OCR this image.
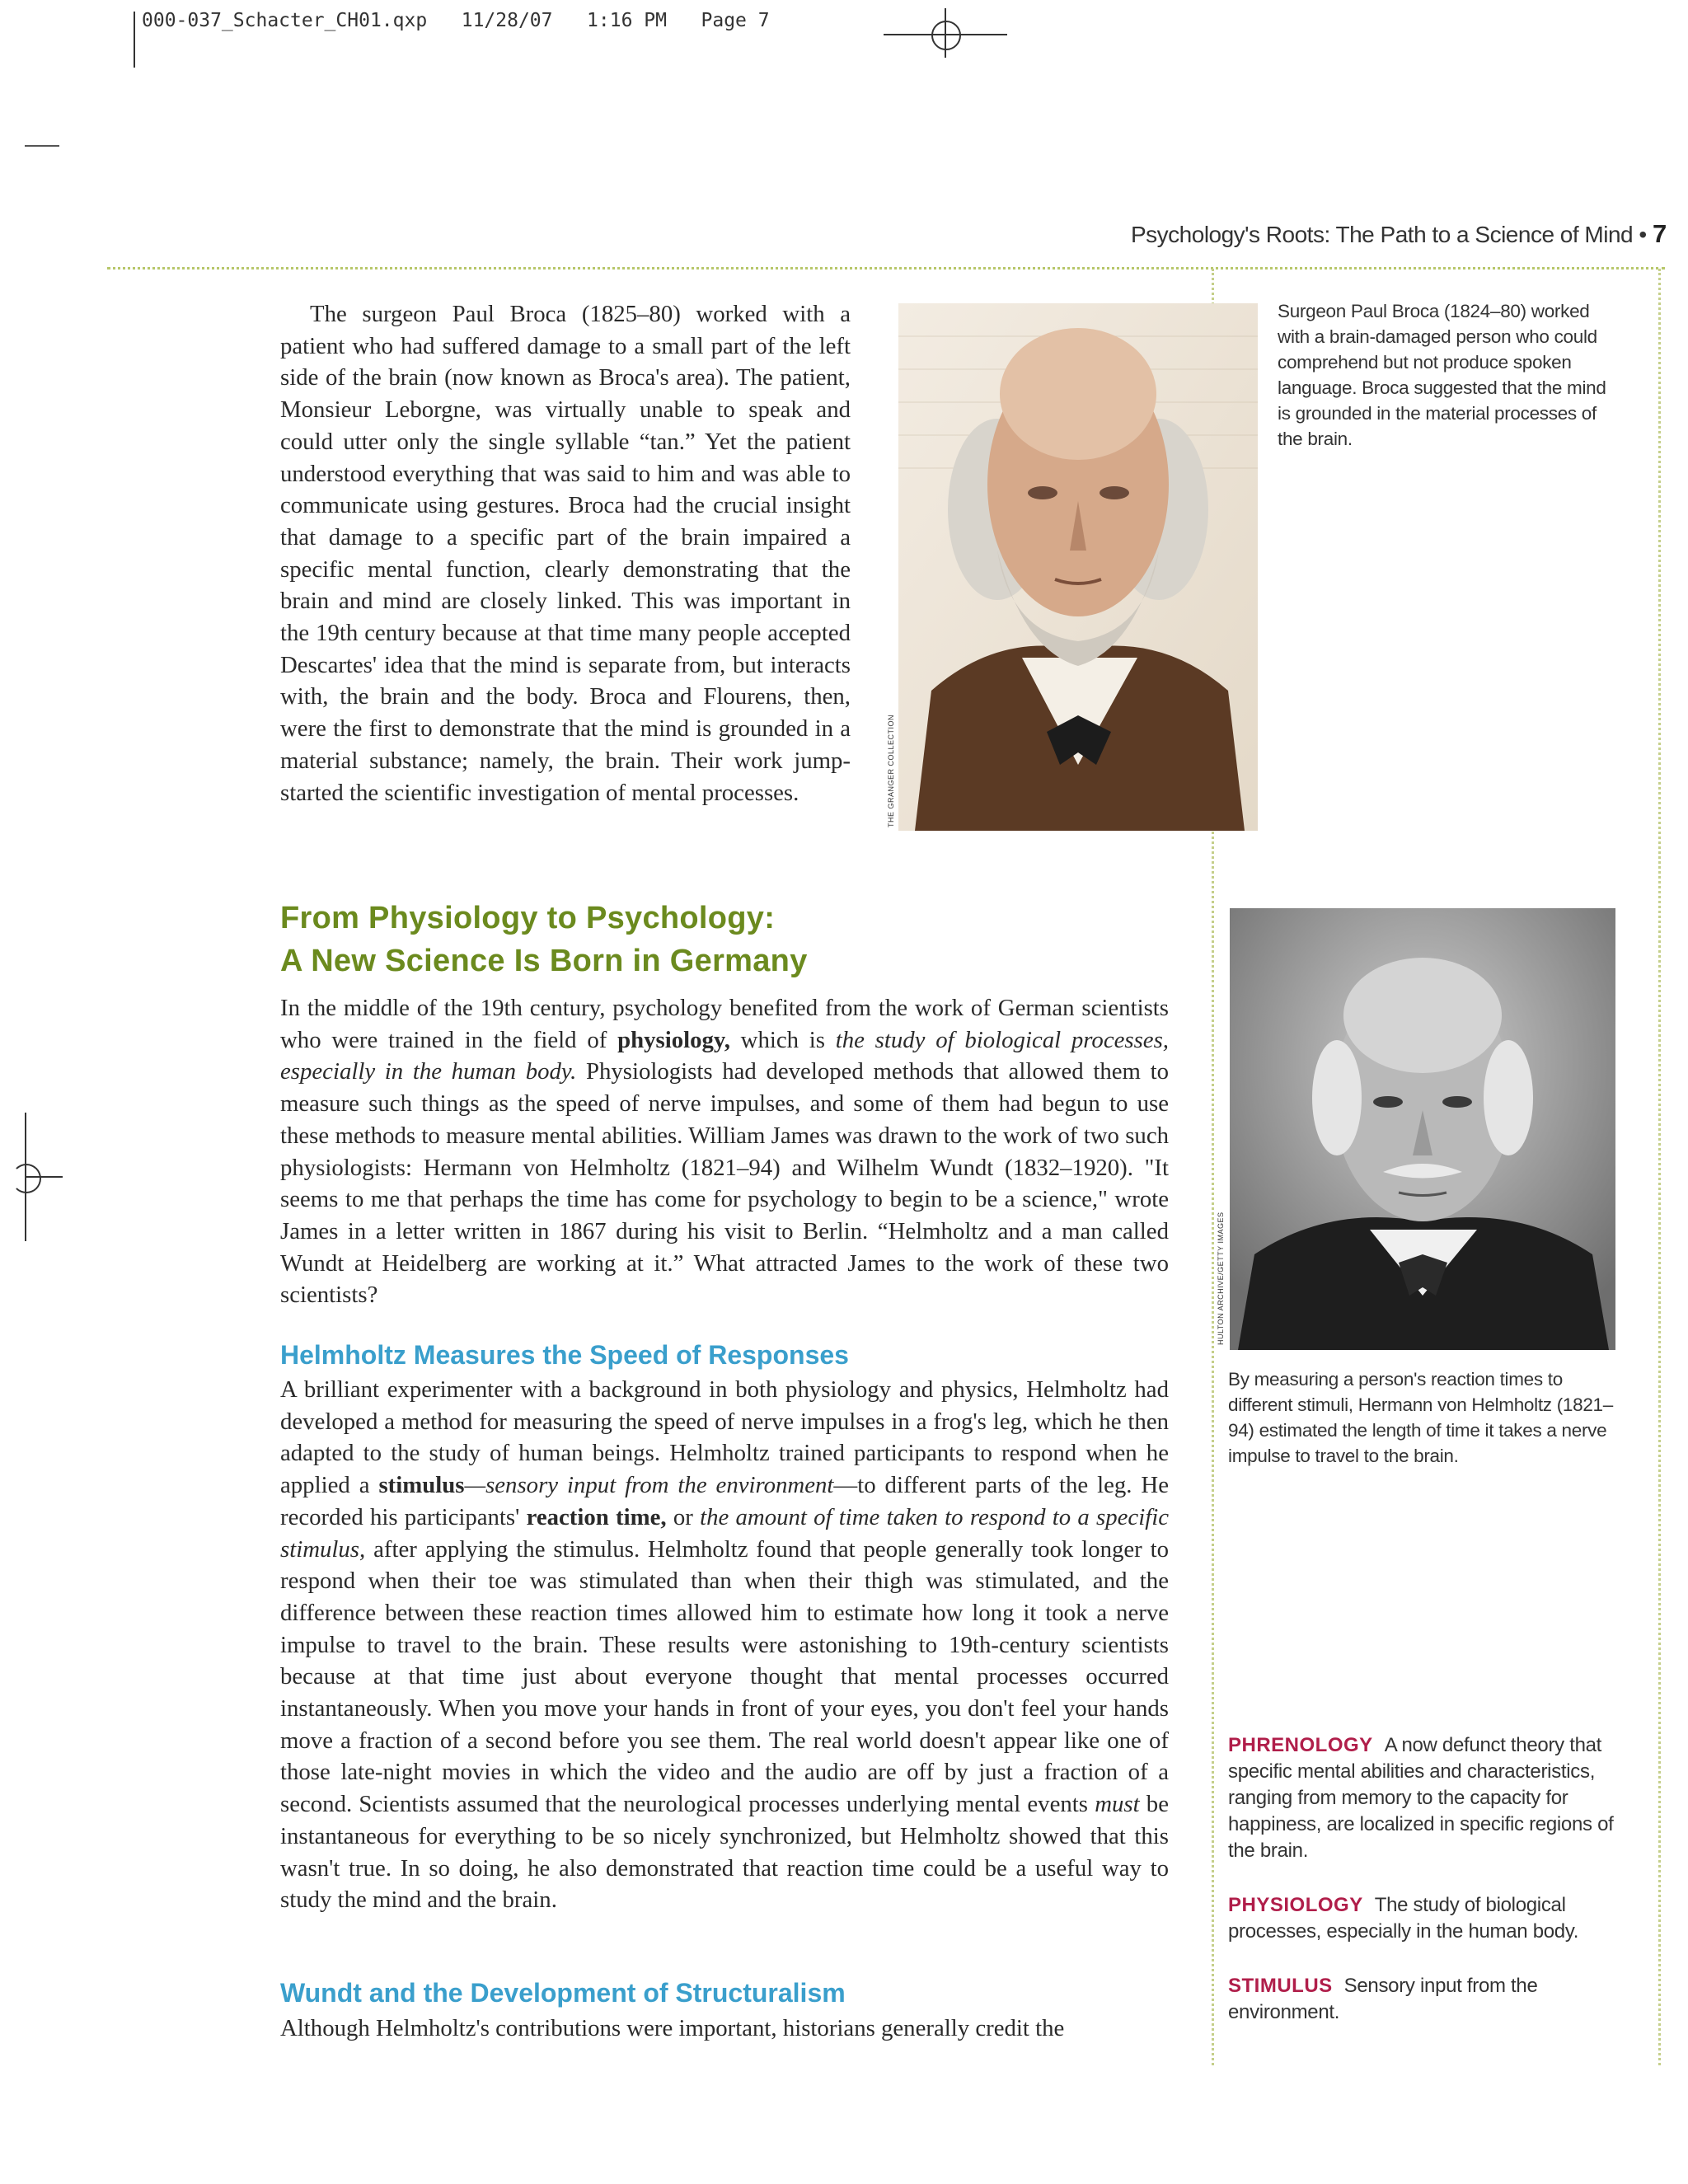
000-037_Schacter_CH01.qxp   11/28/07   1:16 PM   Page 7
Psychology's Roots: The Path to a Science of Mind • 7

The surgeon Paul Broca (1825–80) worked with a patient who had suffered damage to a small part of the left side of the brain (now known as Broca's area). The patient, Monsieur Leborgne, was virtually unable to speak and could utter only the single syllable “tan.” Yet the patient understood everything that was said to him and was able to communicate using gestures. Broca had the crucial insight that damage to a specific part of the brain impaired a specific mental function, clearly demonstrating that the brain and mind are closely linked. This was important in the 19th century because at that time many people accepted Descartes' idea that the mind is separate from, but interacts with, the brain and the body. Broca and Flourens, then, were the first to demonstrate that the mind is grounded in a material substance; namely, the brain. Their work jump-started the scientific investigation of mental processes.	THE GRANGER COLLECTION
Surgeon Paul Broca (1824–80) worked with a brain-damaged person who could comprehend but not produce spoken language. Broca suggested that the mind is grounded in the material processes of the brain.
From Physiology to Psychology:
A New Science Is Born in Germany

In the middle of the 19th century, psychology benefited from the work of German scientists who were trained in the field of physiology, which is the study of biological processes, especially in the human body. Physiologists had developed methods that allowed them to measure such things as the speed of nerve impulses, and some of them had begun to use these methods to measure mental abilities. William James was drawn to the work of two such physiologists: Hermann von Helmholtz (1821–94) and Wilhelm Wundt (1832–1920). "It seems to me that perhaps the time has come for psychology to begin to be a science," wrote James in a letter written in 1867 during his visit to Berlin. “Helmholtz and a man called Wundt at Heidelberg are working at it.” What attracted James to the work of these two scientists?

Helmholtz Measures the Speed of Responses

A brilliant experimenter with a background in both physiology and physics, Helmholtz had developed a method for measuring the speed of nerve impulses in a frog's leg, which he then adapted to the study of human beings. Helmholtz trained participants to respond when he applied a stimulus—sensory input from the environment—to different parts of the leg. He recorded his participants' reaction time, or the amount of time taken to respond to a specific stimulus, after applying the stimulus. Helmholtz found that people generally took longer to respond when their toe was stimulated than when their thigh was stimulated, and the difference between these reaction times allowed him to estimate how long it took a nerve impulse to travel to the brain. These results were astonishing to 19th-century scientists because at that time just about everyone thought that mental processes occurred instantaneously. When you move your hands in front of your eyes, you don't feel your hands move a fraction of a second before you see them. The real world doesn't appear like one of those late-night movies in which the video and the audio are off by just a fraction of a second. Scientists assumed that the neurological processes underlying mental events must be instantaneous for everything to be so nicely synchronized, but Helmholtz showed that this wasn't true. In so doing, he also demonstrated that reaction time could be a useful way to study the mind and the brain.

Wundt and the Development of Structuralism

Although Helmholtz's contributions were important, historians generally credit the

HULTON ARCHIVE/GETTY IMAGES
By measuring a person's reaction times to different stimuli, Hermann von Helmholtz (1821–94) estimated the length of time it takes a nerve impulse to travel to the brain.
PHRENOLOGY A now defunct theory that specific mental abilities and characteristics, ranging from memory to the capacity for happiness, are localized in specific regions of the brain.
PHYSIOLOGY The study of biological processes, especially in the human body.
STIMULUS Sensory input from the environment.
